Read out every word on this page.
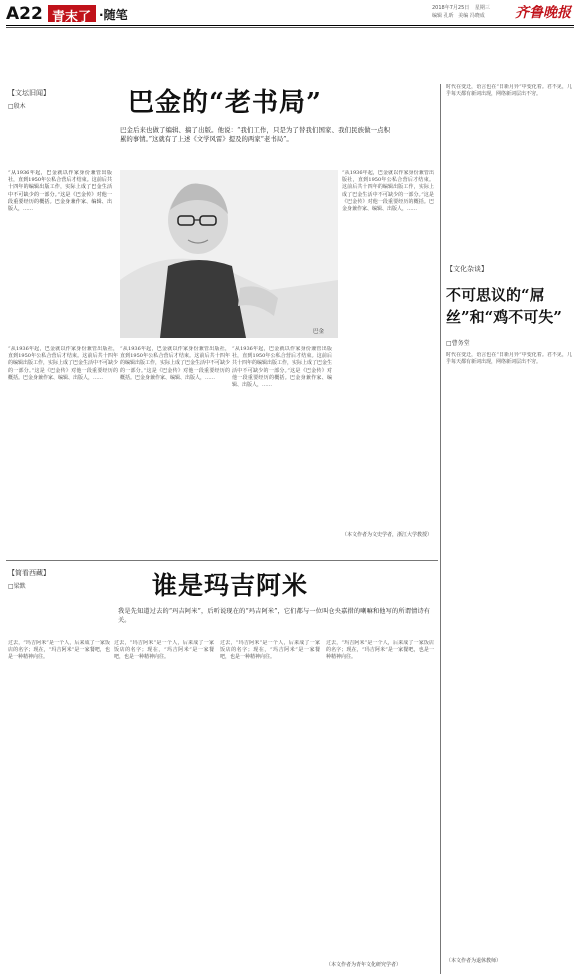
A22 青末了 ·随笔	2018年7月25日 星期三
编辑 孔昕 美编 冯晓成	齐鲁晚报
【文坛旧闻】
□殷木	巴金的“老书局”
巴金后来也做了编辑、搞了出版。他说：“我们工作，只是为了替我们国家、我们民族做一点积累的事情。”这就有了上述《文学风雷》提及的两家“老书局”。
巴金
“从1936年起，巴金就以作家身份兼管出版社，直到1950年公私合营后才结束。这前后共十四年的编辑出版工作，实际上成了巴金生活中不可缺少的一部分。”这是《巴金传》对他一段重要经历的概括。巴金身兼作家、编辑、出版人，……
“从1936年起，巴金就以作家身份兼管出版社，直到1950年公私合营后才结束。这前后共十四年的编辑出版工作，实际上成了巴金生活中不可缺少的一部分。”这是《巴金传》对他一段重要经历的概括。巴金身兼作家、编辑、出版人，……
“从1936年起，巴金就以作家身份兼管出版社，直到1950年公私合营后才结束。这前后共十四年的编辑出版工作，实际上成了巴金生活中不可缺少的一部分。”这是《巴金传》对他一段重要经历的概括。巴金身兼作家、编辑、出版人，……
“从1936年起，巴金就以作家身份兼管出版社，直到1950年公私合营后才结束。这前后共十四年的编辑出版工作，实际上成了巴金生活中不可缺少的一部分。”这是《巴金传》对他一段重要经历的概括。巴金身兼作家、编辑、出版人，……
“从1936年起，巴金就以作家身份兼管出版社，直到1950年公私合营后才结束。这前后共十四年的编辑出版工作，实际上成了巴金生活中不可缺少的一部分。”这是《巴金传》对他一段重要经历的概括。巴金身兼作家、编辑、出版人，……
（本文作者为文史学者，浙江大学教授）
时代在变迁，语言也在“日新月异”中变化着。君不见，几乎每天都有新词出现，网络新词层出不穷。
【文化杂谈】
不可思议的“屌丝”和“鸡不可失”
□曹务堂
时代在变迁，语言也在“日新月异”中变化着。君不见，几乎每天都有新词出现，网络新词层出不穷。
（本文作者为退休教师）
【简看西藏】
□梁默	谁是玛吉阿米
我是先知道过去的“玛吉阿米”，后听说现在的“玛吉阿米”，它们都与一位叫仓央嘉措的喇嘛和他写的所谓情诗有关。
过去，“玛吉阿米”是一个人，后来成了一家饭店的名字；现在，“玛吉阿米”是一家餐吧，也是一种精神向往。
过去，“玛吉阿米”是一个人，后来成了一家饭店的名字；现在，“玛吉阿米”是一家餐吧，也是一种精神向往。
过去，“玛吉阿米”是一个人，后来成了一家饭店的名字；现在，“玛吉阿米”是一家餐吧，也是一种精神向往。
过去，“玛吉阿米”是一个人，后来成了一家饭店的名字；现在，“玛吉阿米”是一家餐吧，也是一种精神向往。
（本文作者为青年文化研究学者）
